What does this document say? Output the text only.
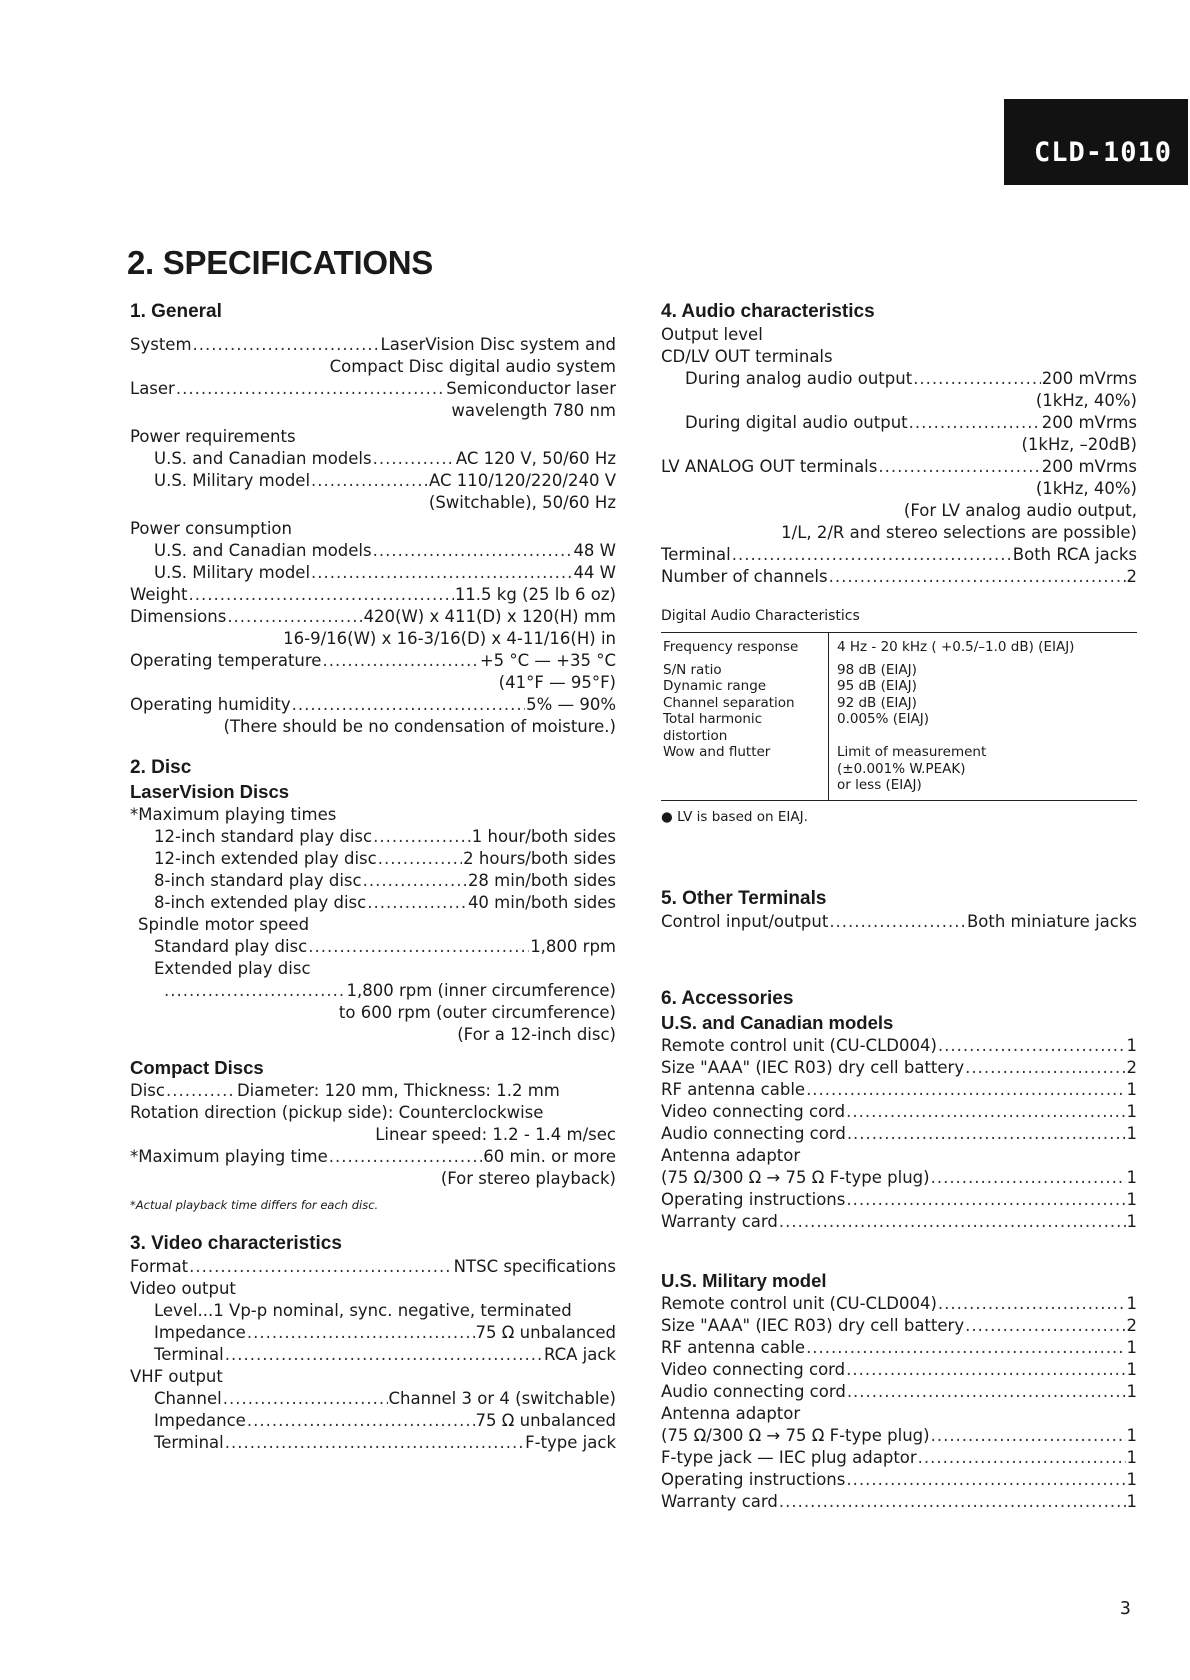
CLD-1010
2. SPECIFICATIONS
1. General
System .....	LaserVision Disc system and
Compact Disc digital audio system
Laser .....	Semiconductor laser
wavelength 780 nm
Power requirements
U.S. and Canadian models .....	AC 120 V, 50/60 Hz
U.S. Military model .....	AC 110/120/220/240 V
(Switchable), 50/60 Hz
Power consumption
U.S. and Canadian models .....	48 W
U.S. Military model .....	44 W
Weight .....	11.5 kg (25 lb 6 oz)
Dimensions .....	420(W) x 411(D) x 120(H) mm
16-9/16(W) x 16-3/16(D) x 4-11/16(H) in
Operating temperature .....	+5 °C — +35 °C
(41°F — 95°F)
Operating humidity .....	5% — 90%
(There should be no condensation of moisture.)
2. Disc
LaserVision Discs
*Maximum playing times
12-inch standard play disc .....	1 hour/both sides
12-inch extended play disc .....	2 hours/both sides
8-inch standard play disc .....	28 min/both sides
8-inch extended play disc .....	40 min/both sides
Spindle motor speed
Standard play disc .....	1,800 rpm
Extended play disc
.....
1,800 rpm (inner circumference)
to 600 rpm (outer circumference)
(For a 12-inch disc)
Compact Discs
Disc .....	Diameter: 120 mm, Thickness: 1.2 mm
Rotation direction (pickup side): Counterclockwise
Linear speed: 1.2 - 1.4 m/sec
*Maximum playing time .....	60 min. or more
(For stereo playback)
*Actual playback time differs for each disc.
3. Video characteristics
Format .....	NTSC specifications
Video output
Level...1 Vp-p nominal, sync. negative, terminated
Impedance .....	75 Ω unbalanced
Terminal .....	RCA jack
VHF output
Channel .....	Channel 3 or 4 (switchable)
Impedance .....	75 Ω unbalanced
Terminal .....	F-type jack
4. Audio characteristics
Output level
CD/LV OUT terminals
During analog audio output .....	200 mVrms
(1kHz, 40%)
During digital audio output .....	200 mVrms
(1kHz, –20dB)
LV ANALOG OUT terminals .....	200 mVrms
(1kHz, 40%)
(For LV analog audio output,
1/L, 2/R and stereo selections are possible)
Terminal .....	Both RCA jacks
Number of channels .....	2
Digital Audio Characteristics
Frequency response	4 Hz - 20 kHz ( +0.5/–1.0 dB) (EIAJ)
S/N ratio	98 dB (EIAJ)
Dynamic range	95 dB (EIAJ)
Channel separation	92 dB (EIAJ)
Total harmonic	0.005% (EIAJ)
distortion
Wow and flutter	Limit of measurement
(±0.001% W.PEAK)
or less (EIAJ)
● LV is based on EIAJ.
5. Other Terminals
Control input/output .....	Both miniature jacks
6. Accessories
U.S. and Canadian models
Remote control unit (CU-CLD004) .....	1
Size "AAA" (IEC R03) dry cell battery .....	2
RF antenna cable .....	1
Video connecting cord .....	1
Audio connecting cord .....	1
Antenna adaptor
(75 Ω/300 Ω → 75 Ω F-type plug) .....	1
Operating instructions .....	1
Warranty card .....	1
U.S. Military model
Remote control unit (CU-CLD004) .....	1
Size "AAA" (IEC R03) dry cell battery .....	2
RF antenna cable .....	1
Video connecting cord .....	1
Audio connecting cord .....	1
Antenna adaptor
(75 Ω/300 Ω → 75 Ω F-type plug) .....	1
F-type jack — IEC plug adaptor .....	1
Operating instructions .....	1
Warranty card .....	1
3
